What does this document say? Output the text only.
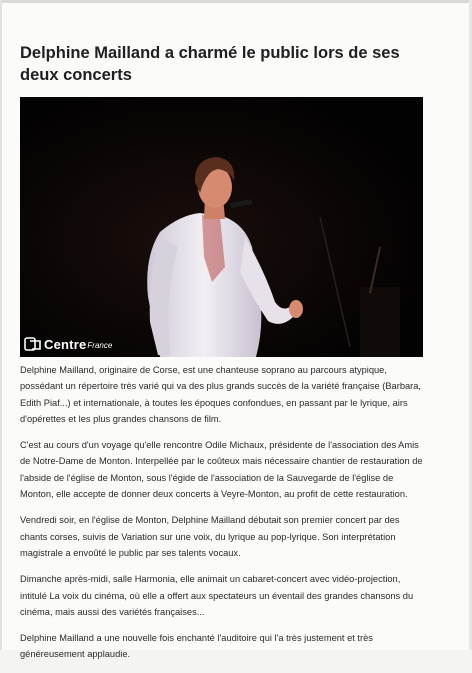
Delphine Mailland a charmé le public lors de ses deux concerts
Centre France

Delphine Mailland, originaire de Corse, est une chanteuse soprano au parcours atypique, possédant un répertoire très varié qui va des plus grands succès de la variété française (Barbara, Edith Piaf...) et internationale, à toutes les époques confondues, en passant par le lyrique, airs d'opérettes et les plus grandes chansons de film.

C'est au cours d'un voyage qu'elle rencontre Odile Michaux, présidente de l'association des Amis de Notre-Dame de Monton. Interpellée par le coûteux mais nécessaire chantier de restauration de l'abside de l'église de Monton, sous l'égide de l'association de la Sauvegarde de l'église de Monton, elle accepte de donner deux concerts à Veyre-Monton, au profit de cette restauration.

Vendredi soir, en l'église de Monton, Delphine Mailland débutait son premier concert par des chants corses, suivis de Variation sur une voix, du lyrique au pop-lyrique. Son interprétation magistrale a envoûté le public par ses talents vocaux.

Dimanche après-midi, salle Harmonia, elle animait un cabaret-concert avec vidéo-projection, intitulé La voix du cinéma, où elle a offert aux spectateurs un éventail des grandes chansons du cinéma, mais aussi des variétés françaises...

Delphine Mailland a une nouvelle fois enchanté l'auditoire qui l'a très justement et très généreusement applaudie.
